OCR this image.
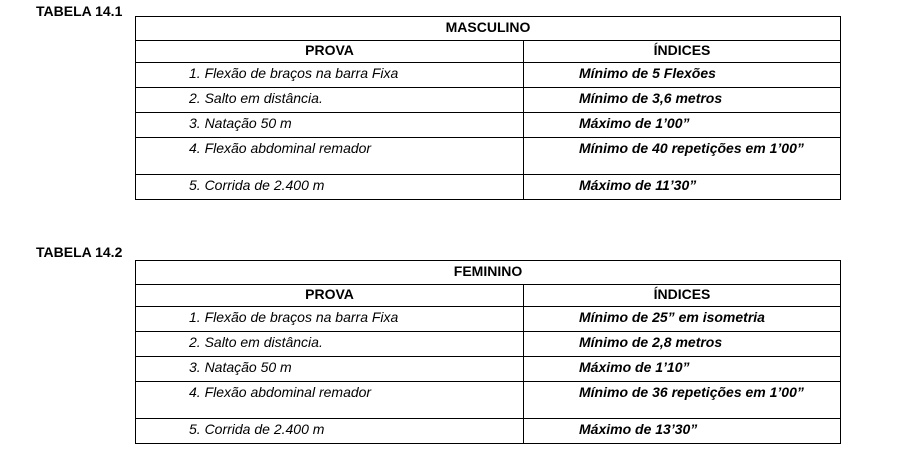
TABELA 14.1
MASCULINO	
PROVA	ÍNDICES
1. Flexão de braços na barra Fixa	Mínimo de 5 Flexões
2. Salto em distância.	Mínimo de 3,6 metros
3. Natação 50 m	Máximo de 1’00”
4. Flexão abdominal remador	Mínimo de 40 repetições em 1’00”
5. Corrida de 2.400 m	Máximo de 11’30”
TABELA 14.2
FEMININO	
PROVA	ÍNDICES
1. Flexão de braços na barra Fixa	Mínimo de 25” em isometria
2. Salto em distância.	Mínimo de 2,8 metros
3. Natação 50 m	Máximo de 1’10”
4. Flexão abdominal remador	Mínimo de 36 repetições em 1’00”
5. Corrida de 2.400 m	Máximo de 13’30”
